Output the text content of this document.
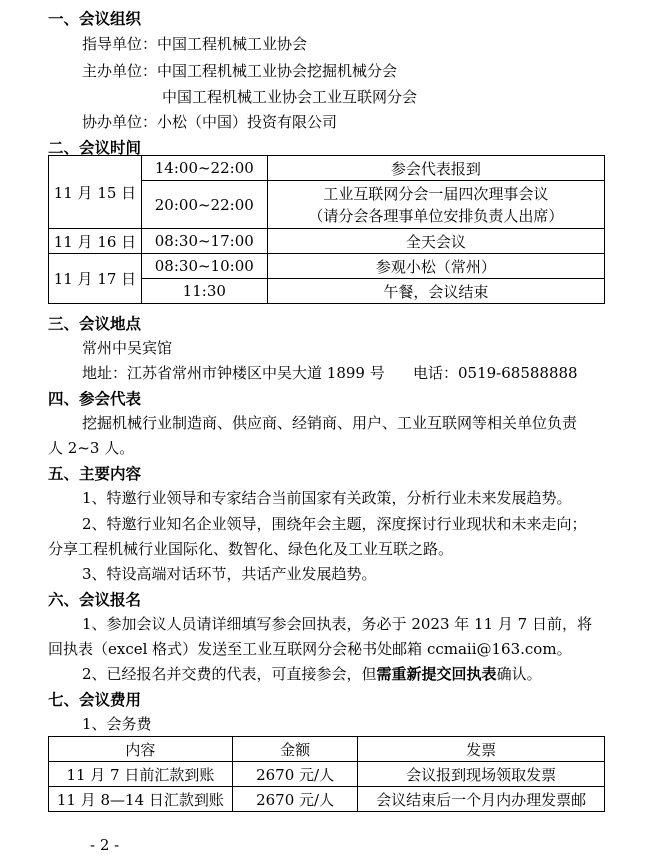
一、会议组织
指导单位：中国工程机械工业协会
主办单位：中国工程机械工业协会挖掘机械分会
中国工程机械工业协会工业互联网分会
协办单位：小松（中国）投资有限公司
二、会议时间
11 月 15 日	14:00~22:00	参会代表报到
	20:00~22:00	工业互联网分会一届四次理事会议
（请分会各理事单位安排负责人出席）

11 月 16 日	08:30~17:00	全天会议
11 月 17 日	08:30~10:00	参观小松（常州）
	11:30	午餐，会议结束
三、会议地点
常州中吴宾馆
地址：江苏省常州市钟楼区中吴大道 1899 号 电话：0519-68588888
四、参会代表
挖掘机械行业制造商、供应商、经销商、用户、工业互联网等相关单位负责
人 2~3 人。
五、主要内容
1、特邀行业领导和专家结合当前国家有关政策，分析行业未来发展趋势。
2、特邀行业知名企业领导，围绕年会主题，深度探讨行业现状和未来走向；
分享工程机械行业国际化、数智化、绿色化及工业互联之路。
3、特设高端对话环节，共话产业发展趋势。
六、会议报名
1、参加会议人员请详细填写参会回执表，务必于 2023 年 11 月 7 日前，将
回执表（excel 格式）发送至工业互联网分会秘书处邮箱 ccmaii@163.com。
2、已经报名并交费的代表，可直接参会，但需重新提交回执表确认。
七、会议费用
1、会务费
内容	金额	发票
11 月 7 日前汇款到账	2670 元/人	会议报到现场领取发票
11 月 8—14 日汇款到账	2670 元/人	会议结束后一个月内办理发票邮
- 2 -
